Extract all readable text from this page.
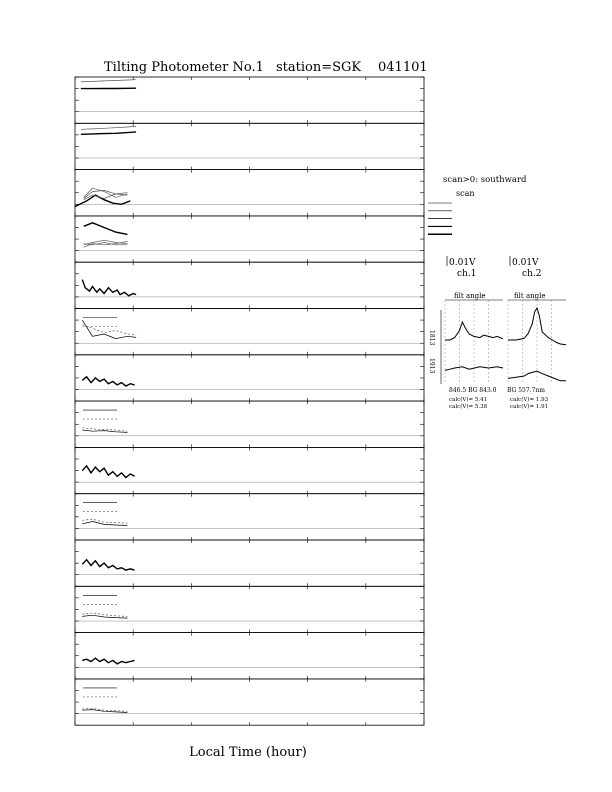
Tilting Photometer No.1 station=SGK 041101
Local Time (hour)
scan>0: southward
scan
0.01V
ch.1
0.01V
ch.2
filt angle	filt angle
1813
1913
846.5 BG 843.0 BG 557.7nm
calc(V)= 5.41
calc(V)= 5.38
calc(V)= 1.93
calc(V)= 1.91
